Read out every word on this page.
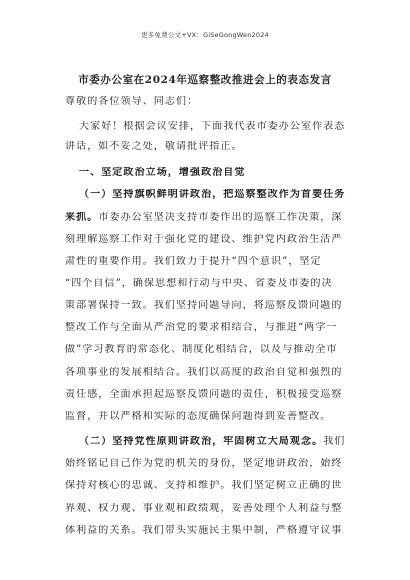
更多免费公文+VX：GiSeGongWen2024
市委办公室在2024年巡察整改推进会上的表态发言
尊敬的各位领导、同志们：
大家好！根据会议安排，下面我代表市委办公室作表态
讲话，如不妥之处，敬请批评指正。
一、坚定政治立场，增强政治自觉
（一）坚持旗帜鲜明讲政治，把巡察整改作为首要任务
来抓。市委办公室坚决支持市委作出的巡察工作决策，深
刻理解巡察工作对于强化党的建设、维护党内政治生活严
肃性的重要作用。我们致力于提升“四个意识”，坚定
“四个自信”，确保思想和行动与中央、省委及市委的决
策部署保持一致。我们坚持问题导向，将巡察反馈问题的
整改工作与全面从严治党的要求相结合，与推进“两学一
做”学习教育的常态化、制度化相结合，以及与推动全市
各项事业的发展相结合。我们以高度的政治自觉和强烈的
责任感，全面承担起巡察反馈问题的责任，积极接受巡察
监督，并以严格和实际的态度确保问题得到妥善整改。
（二）坚持党性原则讲政治，牢固树立大局观念。我们
始终铭记自己作为党的机关的身份，坚定地讲政治，始终
保持对核心的忠诚、支持和维护。我们坚定树立正确的世
界观、权力观、事业观和政绩观，妥善处理个人利益与整
体利益的关系。我们带头实施民主集中制，严格遵守议事
